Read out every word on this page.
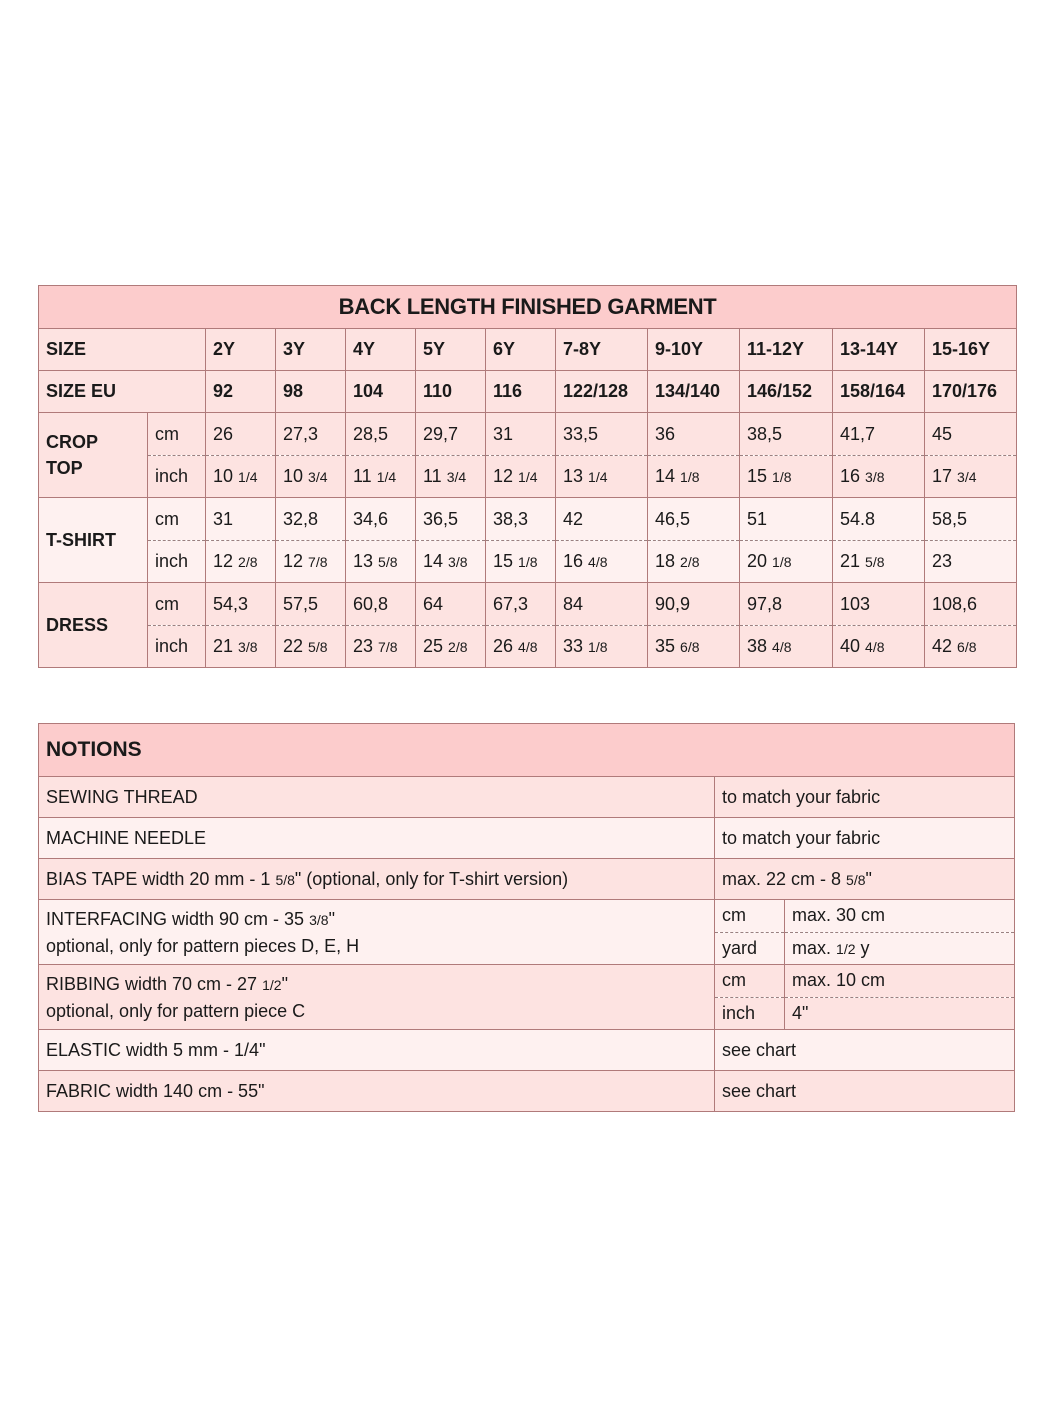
BACK LENGTH FINISHED GARMENT											
SIZE		2Y	3Y	4Y	5Y	6Y	7-8Y	9-10Y	11-12Y	13-14Y	15-16Y
SIZE EU		92	98	104	110	116	122/128	134/140	146/152	158/164	170/176
CROP
TOP	cm	26	27,3	28,5	29,7	31	33,5	36	38,5	41,7	45
	inch	10 1/4	10 3/4	11 1/4	11 3/4	12 1/4	13 1/4	14 1/8	15 1/8	16 3/8	17 3/4
T-SHIRT	cm	31	32,8	34,6	36,5	38,3	42	46,5	51	54.8	58,5
	inch	12 2/8	12 7/8	13 5/8	14 3/8	15 1/8	16 4/8	18 2/8	20 1/8	21 5/8	23
DRESS	cm	54,3	57,5	60,8	64	67,3	84	90,9	97,8	103	108,6
	inch	21 3/8	22 5/8	23 7/8	25 2/8	26 4/8	33 1/8	35 6/8	38 4/8	40 4/8	42 6/8
NOTIONS		
SEWING THREAD	to match your fabric	
MACHINE NEEDLE	to match your fabric	
BIAS TAPE width 20 mm - 1 5/8" (optional, only for T-shirt version)	max. 22 cm - 8 5/8"	
INTERFACING width 90 cm - 35 3/8"
optional, only for pattern pieces D, E, H	cm	max. 30 cm
	yard	max. 1/2 y
RIBBING width 70 cm - 27 1/2"
optional, only for pattern piece C	cm	max. 10 cm
	inch	4"
ELASTIC width 5 mm - 1/4"	see chart	
FABRIC width 140 cm - 55"	see chart	
